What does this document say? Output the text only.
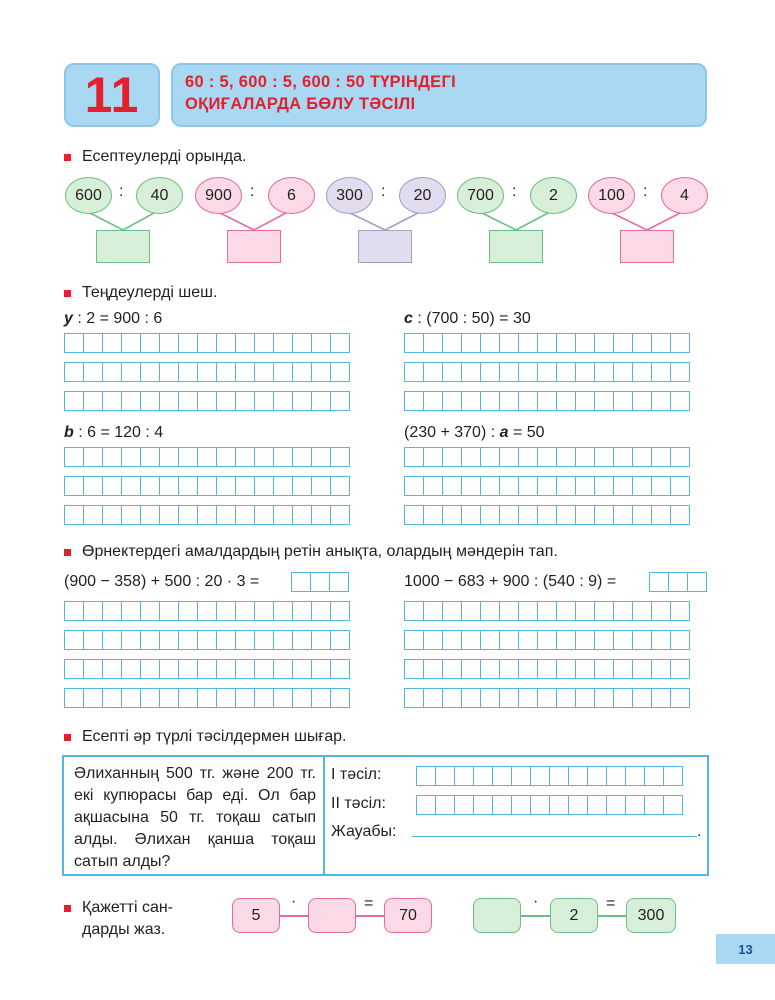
11	60 : 5, 600 : 5, 600 : 50 ТҮРІНДЕГІ
ОҚИҒАЛАРДА БӨЛУ ТӘСІЛІ
Есептеулерді орында.
600	:	40	900	:	6	300	:	20	700	:	2	100	:	4
Теңдеулерді шеш.
y : 2 = 900 : 6	c : (700 : 50) = 30
b : 6 = 120 : 4	(230 + 370) : a = 50
Өрнектердегі амалдардың ретін анықта, олардың мәндерін тап.
(900 − 358) + 500 : 20 · 3 =	1000 − 683 + 900 : (540 : 9) =
Есепті әр түрлі тәсілдермен шығар.
Әлиханның 500 тг. және 200 тг. екі купюрасы бар еді. Ол бар ақшасына 50 тг. тоқаш сатып алды. Әлихан қанша тоқаш сатып алды?
І тәсіл:
ІІ тәсіл:
Жауабы:	.
Қажетті сан-
дарды жаз.
5
·	=
70
·
2
=
300
13
